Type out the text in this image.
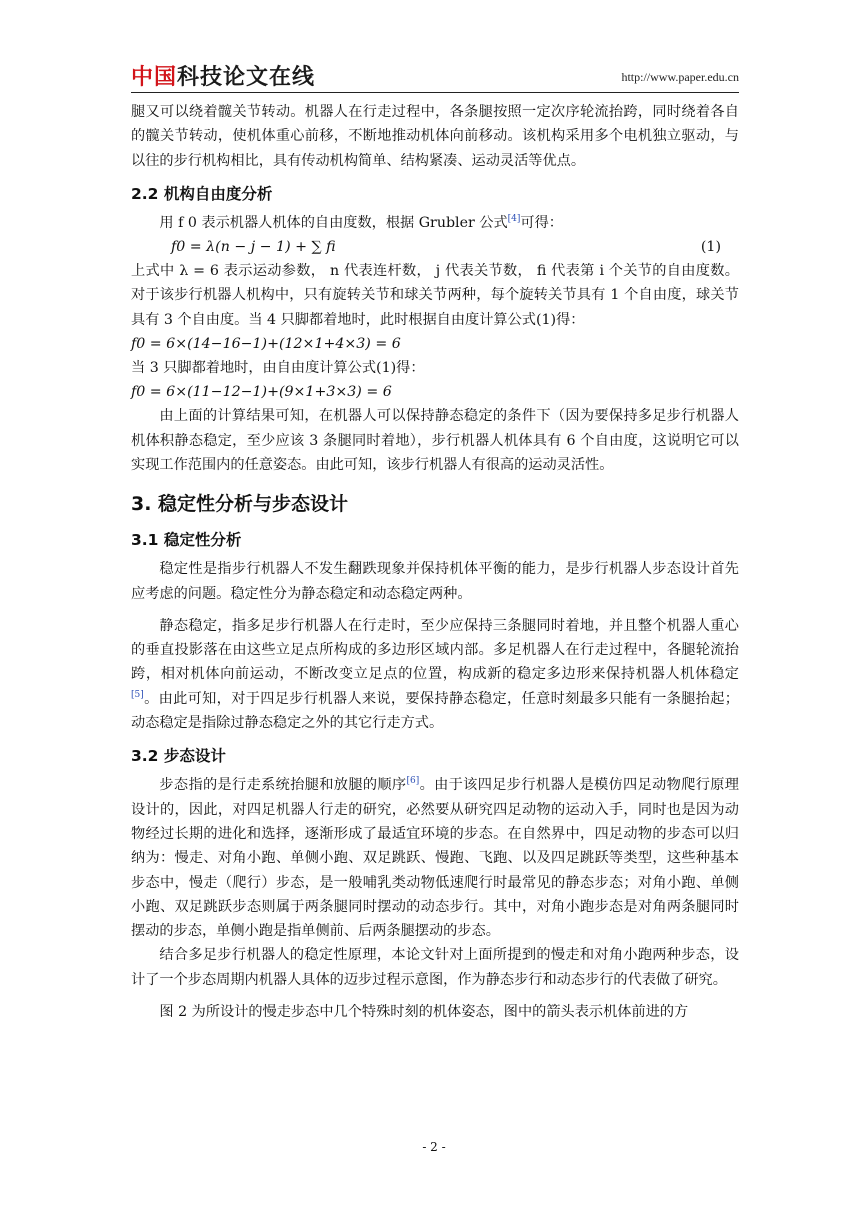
中国科技论文在线	http://www.paper.edu.cn

腿又可以绕着髋关节转动。机器人在行走过程中，各条腿按照一定次序轮流抬跨，同时绕着各自的髋关节转动，使机体重心前移，不断地推动机体向前移动。该机构采用多个电机独立驱动，与以往的步行机构相比，具有传动机构简单、结构紧凑、运动灵活等优点。

2.2 机构自由度分析

用 f 0 表示机器人机体的自由度数，根据 Grubler 公式[4]可得：

f0 = λ(n − j − 1) + ∑ fi	(1)

上式中 λ = 6 表示运动参数， n 代表连杆数， j 代表关节数， fi 代表第 i 个关节的自由度数。对于该步行机器人机构中，只有旋转关节和球关节两种，每个旋转关节具有 1 个自由度，球关节具有 3 个自由度。当 4 只脚都着地时，此时根据自由度计算公式(1)得：

f0 = 6×(14−16−1)+(12×1+4×3) = 6

当 3 只脚都着地时，由自由度计算公式(1)得：

f0 = 6×(11−12−1)+(9×1+3×3) = 6

由上面的计算结果可知，在机器人可以保持静态稳定的条件下（因为要保持多足步行机器人机体积静态稳定，至少应该 3 条腿同时着地），步行机器人机体具有 6 个自由度，这说明它可以实现工作范围内的任意姿态。由此可知，该步行机器人有很高的运动灵活性。

3. 稳定性分析与步态设计
3.1 稳定性分析

稳定性是指步行机器人不发生翻跌现象并保持机体平衡的能力，是步行机器人步态设计首先应考虑的问题。稳定性分为静态稳定和动态稳定两种。

静态稳定，指多足步行机器人在行走时，至少应保持三条腿同时着地，并且整个机器人重心的垂直投影落在由这些立足点所构成的多边形区域内部。多足机器人在行走过程中，各腿轮流抬跨，相对机体向前运动，不断改变立足点的位置，构成新的稳定多边形来保持机器人机体稳定[5]。由此可知，对于四足步行机器人来说，要保持静态稳定，任意时刻最多只能有一条腿抬起；动态稳定是指除过静态稳定之外的其它行走方式。

3.2 步态设计

步态指的是行走系统抬腿和放腿的顺序[6]。由于该四足步行机器人是模仿四足动物爬行原理设计的，因此，对四足机器人行走的研究，必然要从研究四足动物的运动入手，同时也是因为动物经过长期的进化和选择，逐渐形成了最适宜环境的步态。在自然界中，四足动物的步态可以归纳为：慢走、对角小跑、单侧小跑、双足跳跃、慢跑、飞跑、以及四足跳跃等类型，这些种基本步态中，慢走（爬行）步态，是一般哺乳类动物低速爬行时最常见的静态步态；对角小跑、单侧小跑、双足跳跃步态则属于两条腿同时摆动的动态步行。其中，对角小跑步态是对角两条腿同时摆动的步态，单侧小跑是指单侧前、后两条腿摆动的步态。

结合多足步行机器人的稳定性原理，本论文针对上面所提到的慢走和对角小跑两种步态，设计了一个步态周期内机器人具体的迈步过程示意图，作为静态步行和动态步行的代表做了研究。

图 2 为所设计的慢走步态中几个特殊时刻的机体姿态，图中的箭头表示机体前进的方

- 2 -
